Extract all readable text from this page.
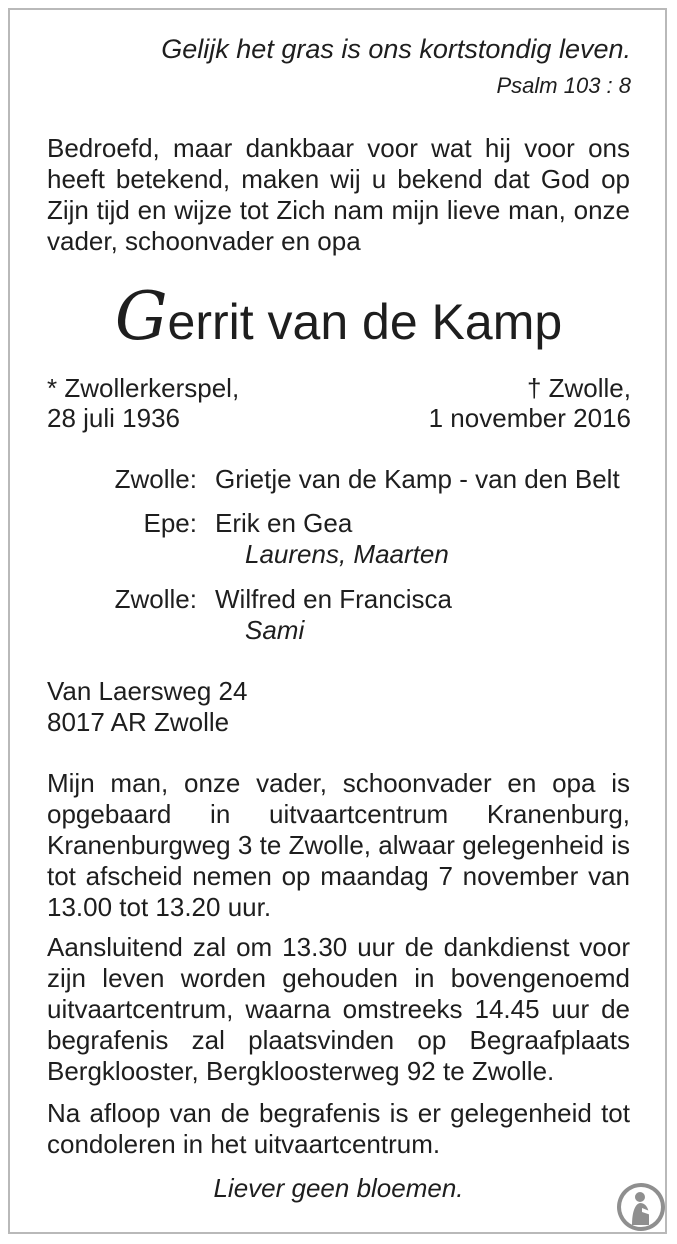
Gelijk het gras is ons kortstondig leven.
Psalm 103 : 8
Bedroefd, maar dankbaar voor wat hij voor ons heeft betekend, maken wij u bekend dat God op Zijn tijd en wijze tot Zich nam mijn lieve man, onze vader, schoonvader en opa
Gerrit van de Kamp
* Zwollerkerspel,
28 juli 1936
† Zwolle,
1 november 2016
Zwolle: Grietje van de Kamp - van den Belt
Epe: Erik en Gea
Laurens, Maarten
Zwolle: Wilfred en Francisca
Sami
Van Laersweg 24
8017 AR Zwolle
Mijn man, onze vader, schoonvader en opa is opgebaard in uitvaartcentrum Kranenburg, Kranenburgweg 3 te Zwolle, alwaar gelegenheid is tot afscheid nemen op maandag 7 november van 13.00 tot 13.20 uur.
Aansluitend zal om 13.30 uur de dankdienst voor zijn leven worden gehouden in bovengenoemd uitvaartcentrum, waarna omstreeks 14.45 uur de begrafenis zal plaatsvinden op Begraafplaats Bergklooster, Bergkloosterweg 92 te Zwolle.
Na afloop van de begrafenis is er gelegenheid tot condoleren in het uitvaartcentrum.
Liever geen bloemen.
